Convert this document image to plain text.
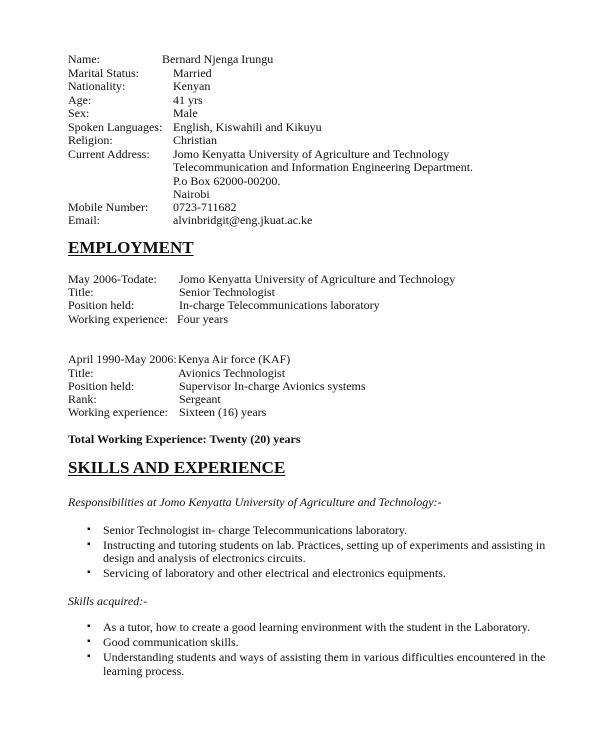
Name:	Bernard Njenga Irungu
Marital Status:	Married
Nationality:	Kenyan
Age:	41 yrs
Sex:	Male
Spoken Languages: English, Kiswahili and Kikuyu
Religion:	Christian
Current Address: Jomo Kenyatta University of Agriculture and Technology
Telecommunication and Information Engineering Department.
P.o Box 62000-00200.
Nairobi
Mobile Number: 0723-711682
Email:	alvinbridgit@eng.jkuat.ac.ke
EMPLOYMENT
May 2006-Todate: Jomo Kenyatta University of Agriculture and Technology
Title:	Senior Technologist
Position held:	In-charge Telecommunications laboratory
Working experience: Four years
April 1990-May 2006: Kenya Air force (KAF)
Title:	Avionics Technologist
Position held:	Supervisor In-charge Avionics systems
Rank:	Sergeant
Working experience: Sixteen (16) years
Total Working Experience: Twenty (20) years
SKILLS AND EXPERIENCE
Responsibilities at Jomo Kenyatta University of Agriculture and Technology:-
▪ Senior Technologist in- charge Telecommunications laboratory.
▪ Instructing and tutoring students on lab. Practices, setting up of experiments and assisting in
design and analysis of electronics circuits.
▪ Servicing of laboratory and other electrical and electronics equipments.
Skills acquired:-
▪ As a tutor, how to create a good learning environment with the student in the Laboratory.
▪ Good communication skills.
▪ Understanding students and ways of assisting them in various difficulties encountered in the
learning process.
